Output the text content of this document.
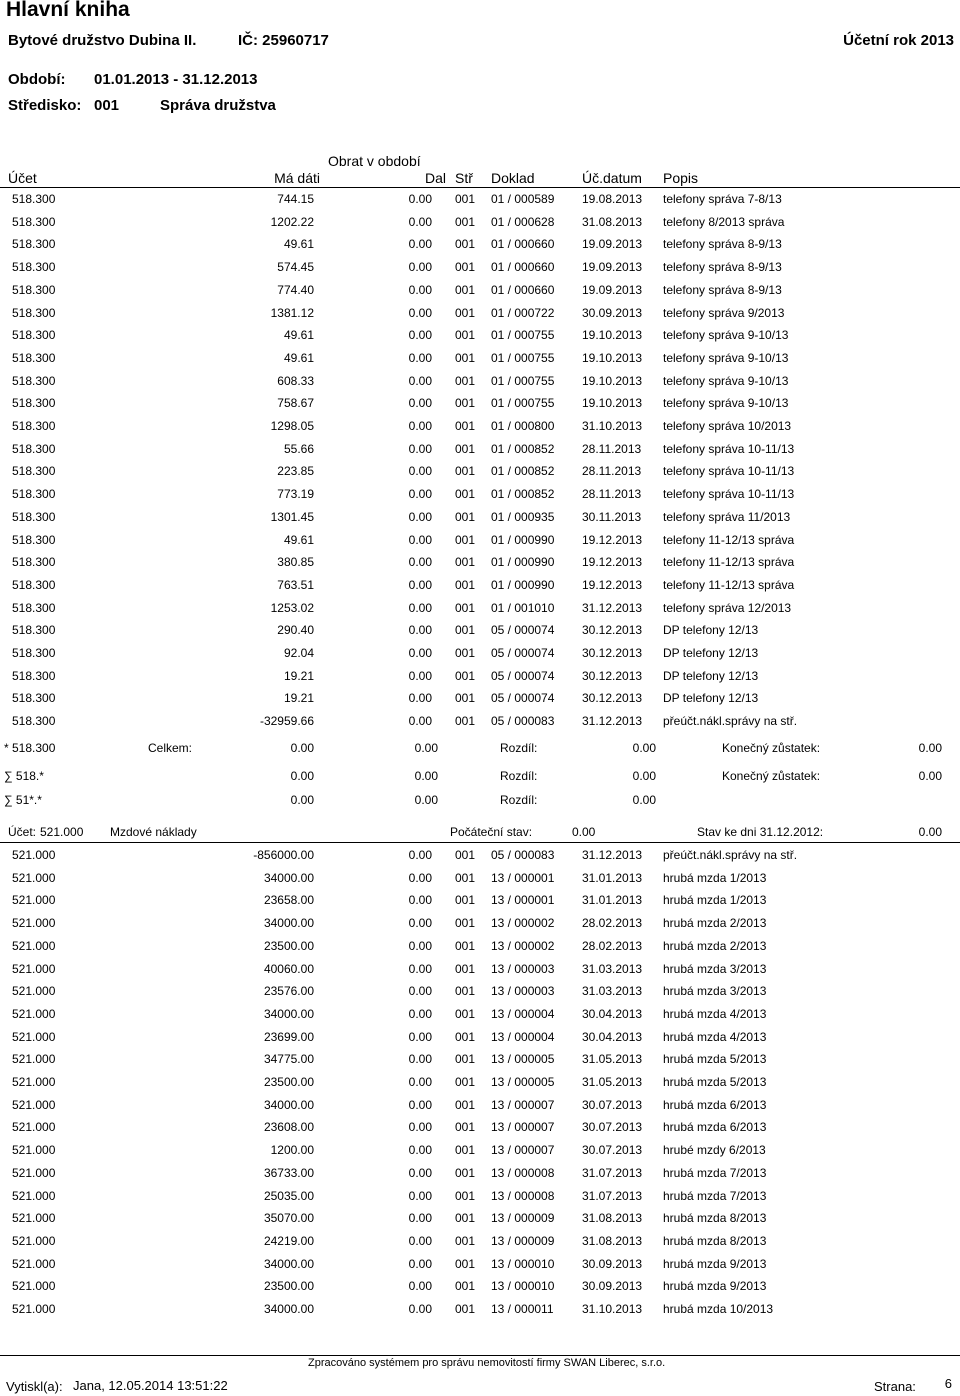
Hlavní kniha
Bytové družstvo Dubina II.	IČ: 25960717	Účetní rok 2013
Období: 01.01.2013 - 31.12.2013
Středisko: 001	Správa družstva
Obrat v období
Účet	Má dáti	Dal Stř Doklad	Úč.datum Popis
518.300	744.15	0.00 001 01 / 000589 19.08.2013 telefony správa 7-8/13
518.300	1202.22	0.00 001 01 / 000628 31.08.2013 telefony 8/2013 správa
518.300	49.61	0.00 001 01 / 000660 19.09.2013 telefony správa 8-9/13
518.300	574.45	0.00 001 01 / 000660 19.09.2013 telefony správa 8-9/13
518.300	774.40	0.00 001 01 / 000660 19.09.2013 telefony správa 8-9/13
518.300	1381.12	0.00 001 01 / 000722 30.09.2013 telefony správa 9/2013
518.300	49.61	0.00 001 01 / 000755 19.10.2013 telefony správa 9-10/13
518.300	49.61	0.00 001 01 / 000755 19.10.2013 telefony správa 9-10/13
518.300	608.33	0.00 001 01 / 000755 19.10.2013 telefony správa 9-10/13
518.300	758.67	0.00 001 01 / 000755 19.10.2013 telefony správa 9-10/13
518.300	1298.05	0.00 001 01 / 000800 31.10.2013 telefony správa 10/2013
518.300	55.66	0.00 001 01 / 000852 28.11.2013 telefony správa 10-11/13
518.300	223.85	0.00 001 01 / 000852 28.11.2013 telefony správa 10-11/13
518.300	773.19	0.00 001 01 / 000852 28.11.2013 telefony správa 10-11/13
518.300	1301.45	0.00 001 01 / 000935 30.11.2013 telefony správa 11/2013
518.300	49.61	0.00 001 01 / 000990 19.12.2013 telefony 11-12/13 správa
518.300	380.85	0.00 001 01 / 000990 19.12.2013 telefony 11-12/13 správa
518.300	763.51	0.00 001 01 / 000990 19.12.2013 telefony 11-12/13 správa
518.300	1253.02	0.00 001 01 / 001010 31.12.2013 telefony správa 12/2013
518.300	290.40	0.00 001 05 / 000074 30.12.2013 DP telefony 12/13
518.300	92.04	0.00 001 05 / 000074 30.12.2013 DP telefony 12/13
518.300	19.21	0.00 001 05 / 000074 30.12.2013 DP telefony 12/13
518.300	19.21	0.00 001 05 / 000074 30.12.2013 DP telefony 12/13
518.300	-32959.66	0.00 001 05 / 000083 31.12.2013 přeúčt.nákl.správy na stř.
* 518.300	Celkem:	0.00	0.00	Rozdíl:	0.00	Konečný zůstatek:	0.00
∑ 518.*	0.00	0.00	Rozdíl:	0.00	Konečný zůstatek:	0.00
∑ 51*.*	0.00	0.00	Rozdíl:	0.00
Účet: 521.000 Mzdové náklady	Počáteční stav:	0.00	Stav ke dni 31.12.2012:	0.00
521.000	-856000.00	0.00 001 05 / 000083 31.12.2013 přeúčt.nákl.správy na stř.
521.000	34000.00	0.00 001 13 / 000001 31.01.2013 hrubá mzda 1/2013
521.000	23658.00	0.00 001 13 / 000001 31.01.2013 hrubá mzda 1/2013
521.000	34000.00	0.00 001 13 / 000002 28.02.2013 hrubá mzda 2/2013
521.000	23500.00	0.00 001 13 / 000002 28.02.2013 hrubá mzda 2/2013
521.000	40060.00	0.00 001 13 / 000003 31.03.2013 hrubá mzda 3/2013
521.000	23576.00	0.00 001 13 / 000003 31.03.2013 hrubá mzda 3/2013
521.000	34000.00	0.00 001 13 / 000004 30.04.2013 hrubá mzda 4/2013
521.000	23699.00	0.00 001 13 / 000004 30.04.2013 hrubá mzda 4/2013
521.000	34775.00	0.00 001 13 / 000005 31.05.2013 hrubá mzda 5/2013
521.000	23500.00	0.00 001 13 / 000005 31.05.2013 hrubá mzda 5/2013
521.000	34000.00	0.00 001 13 / 000007 30.07.2013 hrubá mzda 6/2013
521.000	23608.00	0.00 001 13 / 000007 30.07.2013 hrubá mzda 6/2013
521.000	1200.00	0.00 001 13 / 000007 30.07.2013 hrubé mzdy 6/2013
521.000	36733.00	0.00 001 13 / 000008 31.07.2013 hrubá mzda 7/2013
521.000	25035.00	0.00 001 13 / 000008 31.07.2013 hrubá mzda 7/2013
521.000	35070.00	0.00 001 13 / 000009 31.08.2013 hrubá mzda 8/2013
521.000	24219.00	0.00 001 13 / 000009 31.08.2013 hrubá mzda 8/2013
521.000	34000.00	0.00 001 13 / 000010 30.09.2013 hrubá mzda 9/2013
521.000	23500.00	0.00 001 13 / 000010 30.09.2013 hrubá mzda 9/2013
521.000	34000.00	0.00 001 13 / 000011 31.10.2013 hrubá mzda 10/2013
Zpracováno systémem pro správu nemovitostí firmy SWAN Liberec, s.r.o.
Vytiskl(a): Jana, 12.05.2014 13:51:22	Strana: 6
